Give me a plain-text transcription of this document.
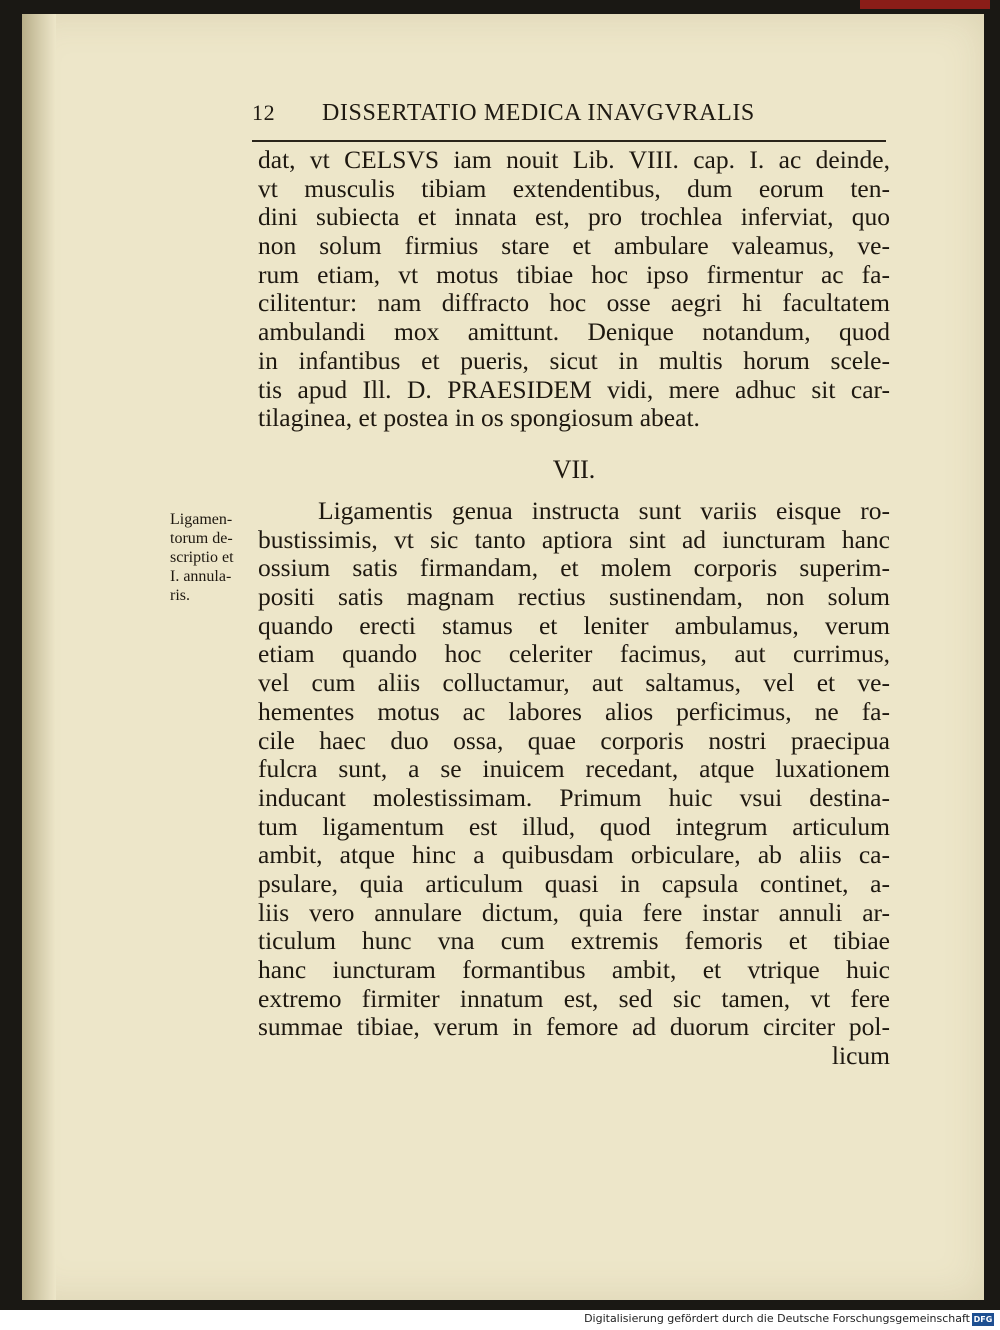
12 DISSERTATIO MEDICA INAVGVRALIS
dat, vt CELSVS iam nouit Lib. VIII. cap. I. ac deinde,
vt musculis tibiam extendentibus, dum eorum ten-
dini subiecta et innata est, pro trochlea inferviat, quo
non solum firmius stare et ambulare valeamus, ve-
rum etiam, vt motus tibiae hoc ipso firmentur ac fa-
cilitentur: nam diffracto hoc osse aegri hi facultatem
ambulandi mox amittunt. Denique notandum, quod
in infantibus et pueris, sicut in multis horum scele-
tis apud Ill. D. PRAESIDEM vidi, mere adhuc sit car-
tilaginea, et postea in os spongiosum abeat.
VII.
Ligamen-
torum de-
scriptio et
I. annula-
ris.
Ligamentis genua instructa sunt variis eisque ro-
bustissimis, vt sic tanto aptiora sint ad iuncturam hanc
ossium satis firmandam, et molem corporis superim-
positi satis magnam rectius sustinendam, non solum
quando erecti stamus et leniter ambulamus, verum
etiam quando hoc celeriter facimus, aut currimus,
vel cum aliis colluctamur, aut saltamus, vel et ve-
hementes motus ac labores alios perficimus, ne fa-
cile haec duo ossa, quae corporis nostri praecipua
fulcra sunt, a se inuicem recedant, atque luxationem
inducant molestissimam. Primum huic vsui destina-
tum ligamentum est illud, quod integrum articulum
ambit, atque hinc a quibusdam orbiculare, ab aliis ca-
psulare, quia articulum quasi in capsula continet, a-
liis vero annulare dictum, quia fere instar annuli ar-
ticulum hunc vna cum extremis femoris et tibiae
hanc iuncturam formantibus ambit, et vtrique huic
extremo firmiter innatum est, sed sic tamen, vt fere
summae tibiae, verum in femore ad duorum circiter pol-
licum
Digitalisierung gefördert durch die Deutsche Forschungsgemeinschaft DFG
